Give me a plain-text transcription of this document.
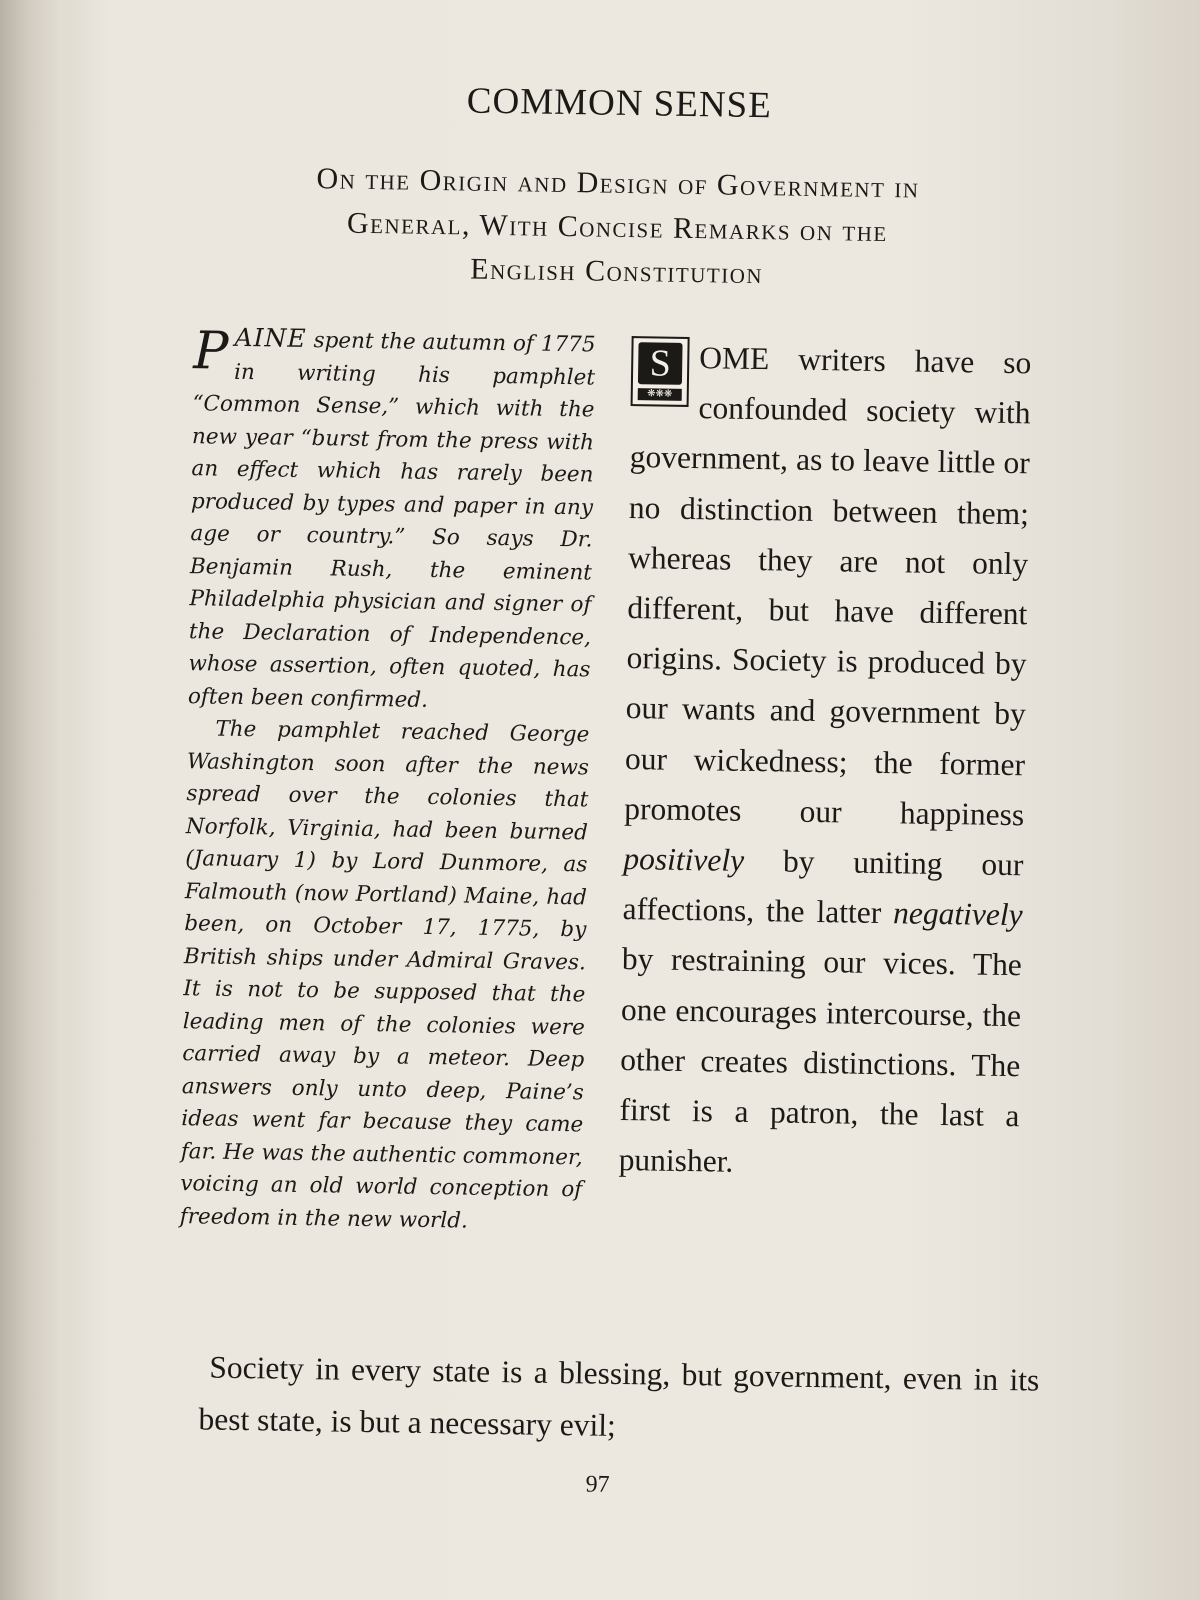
COMMON SENSE
On the Origin and Design of Government in
General, With Concise Remarks on the
English Constitution

PAINE spent the autumn of 1775 in writing his pamphlet “Common Sense,” which with the new year “burst from the press with an effect which has rarely been produced by types and paper in any age or country.” So says Dr. Benjamin Rush, the eminent Philadelphia physician and signer of the Declaration of Independence, whose assertion, often quoted, has often been confirmed.

The pamphlet reached George Washington soon after the news spread over the colonies that Norfolk, Virginia, had been burned (January 1) by Lord Dunmore, as Falmouth (now Portland) Maine, had been, on October 17, 1775, by British ships under Admiral Graves. It is not to be supposed that the leading men of the colonies were carried away by a meteor. Deep answers only unto deep, Paine’s ideas went far because they came far. He was the authentic commoner, voicing an old world conception of freedom in the new world.

S
❋❋❋
OME writers have so confounded society with government, as to leave little or no distinction between them; whereas they are not only different, but have different origins. Society is produced by our wants and government by our wickedness; the former promotes our happiness positively by uniting our affections, the latter negatively by restraining our vices. The one encourages intercourse, the other creates distinctions. The first is a patron, the last a punisher.

Society in every state is a blessing, but government, even in its best state, is but a necessary evil;

97
